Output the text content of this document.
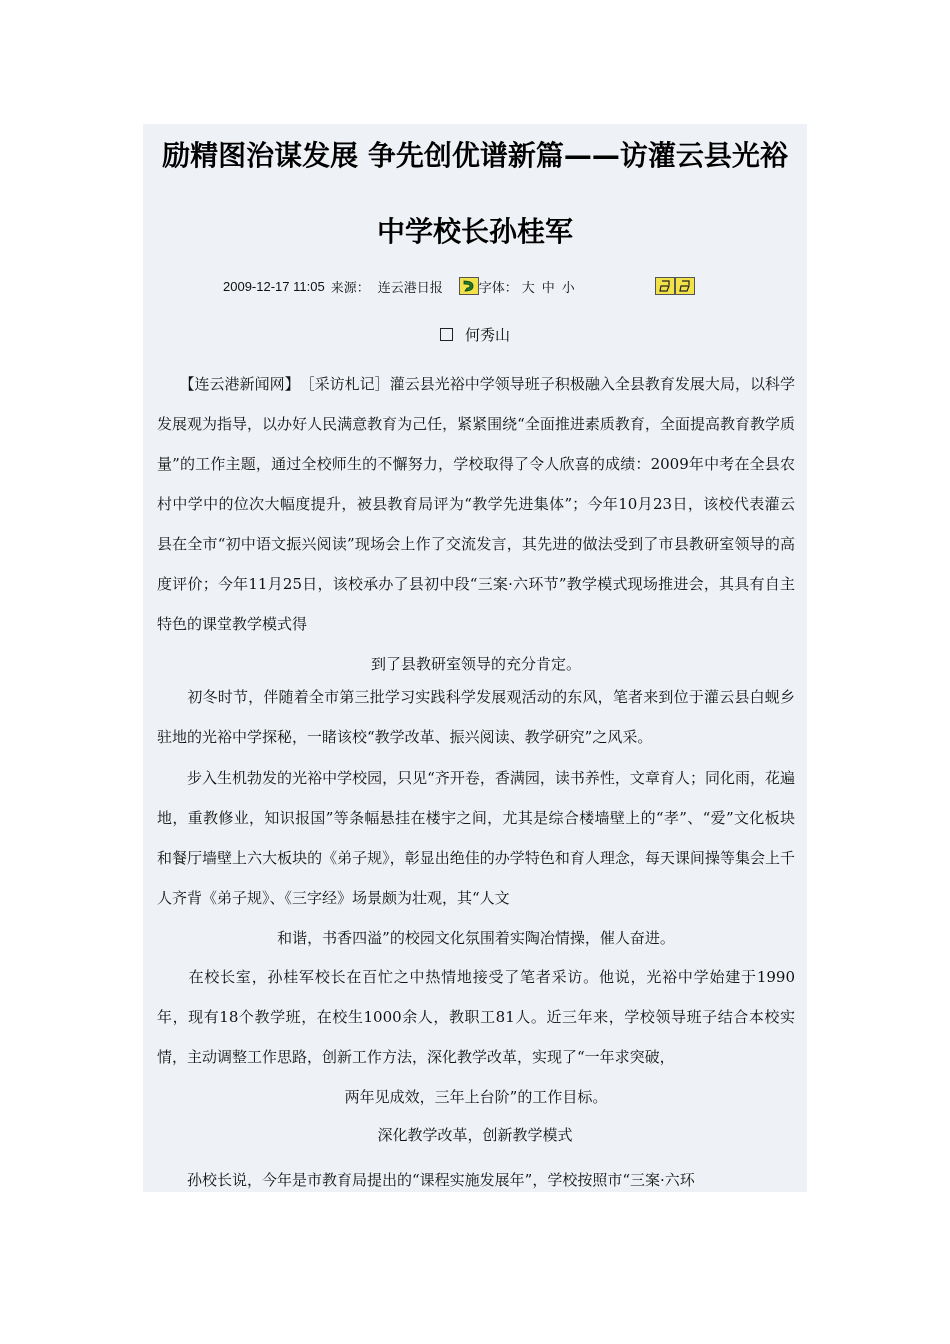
励精图治谋发展 争先创优谱新篇——访灌云县光裕
中学校长孙桂军
2009-12-17 11:05 来源： 连云港日报	字体： 大 中 小
何秀山
　　【连云港新闻网】　［采访札记］灌云县光裕中学领导班子积极融入全县教育发展大局，以科学发展观为指导，以办好人民满意教育为己任，紧紧围绕“全面推进素质教育，全面提高教育教学质量”的工作主题，通过全校师生的不懈努力，学校取得了令人欣喜的成绩：2009年中考在全县农村中学中的位次大幅度提升，被县教育局评为“教学先进集体”；今年10月23日，该校代表灌云县在全市“初中语文振兴阅读”现场会上作了交流发言，其先进的做法受到了市县教研室领导的高度评价；今年11月25日，该校承办了县初中段“三案·六环节”教学模式现场推进会，其具有自主特色的课堂教学模式得
到了县教研室领导的充分肯定。
　　初冬时节，伴随着全市第三批学习实践科学发展观活动的东风，笔者来到位于灌云县白蚬乡驻地的光裕中学探秘，一睹该校“教学改革、振兴阅读、教学研究”之风采。
　　步入生机勃发的光裕中学校园，只见“齐开卷，香满园，读书养性，文章育人；同化雨，花遍地，重教修业，知识报国”等条幅悬挂在楼宇之间，尤其是综合楼墙壁上的“孝”、“爱”文化板块和餐厅墙壁上六大板块的《弟子规》，彰显出绝佳的办学特色和育人理念，每天课间操等集会上千人齐背《弟子规》、《三字经》场景颇为壮观，其“人文
和谐，书香四溢”的校园文化氛围着实陶冶情操，催人奋进。
　　在校长室，孙桂军校长在百忙之中热情地接受了笔者采访。他说，光裕中学始建于1990年，现有18个教学班，在校生1000余人，教职工81人。近三年来，学校领导班子结合本校实情，主动调整工作思路，创新工作方法，深化教学改革，实现了“一年求突破，
两年见成效，三年上台阶”的工作目标。
深化教学改革，创新教学模式
　　孙校长说，今年是市教育局提出的“课程实施发展年”，学校按照市“三案·六环
